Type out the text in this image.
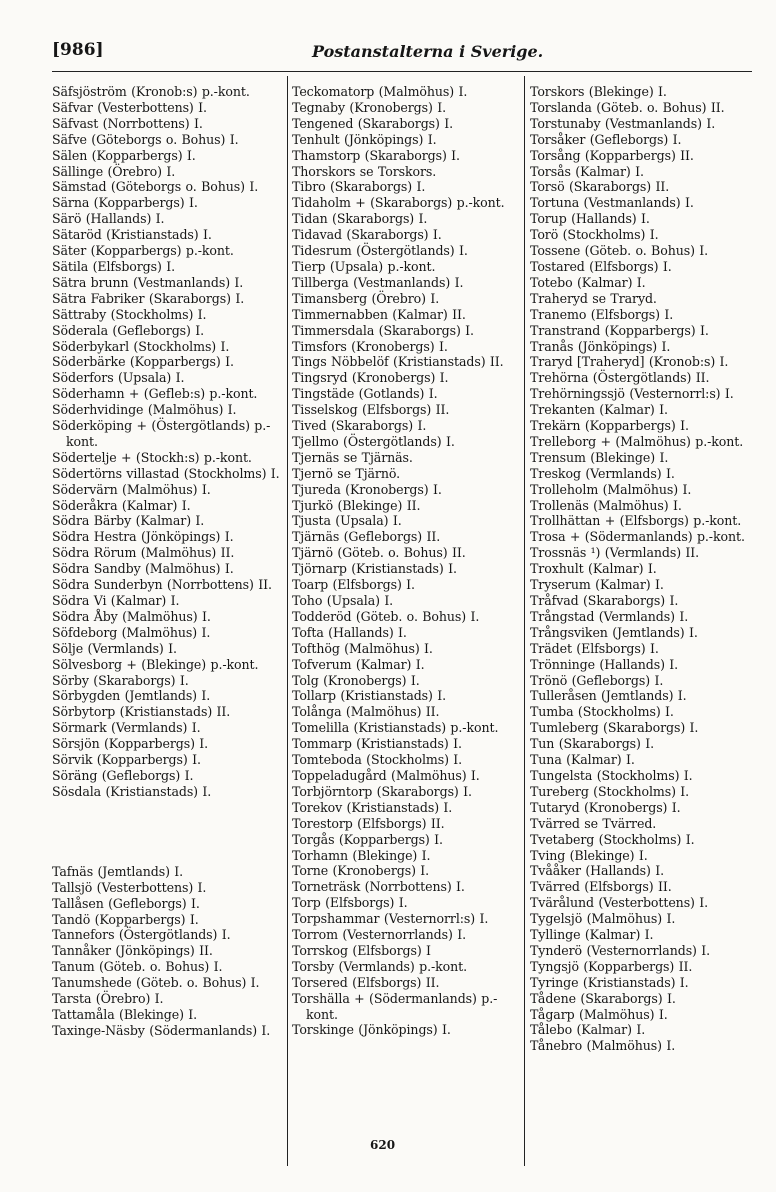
[986]	Postanstalterna i Sverige.
Säfsjöström (Kronob:s) p.-kont.
Säfvar (Vesterbottens) I.
Säfvast (Norrbottens) I.
Säfve (Göteborgs o. Bohus) I.
Sälen (Kopparbergs) I.
Sällinge (Örebro) I.
Sämstad (Göteborgs o. Bohus) I.
Särna (Kopparbergs) I.
Särö (Hallands) I.
Sätaröd (Kristianstads) I.
Säter (Kopparbergs) p.-kont.
Sätila (Elfsborgs) I.
Sätra brunn (Vestmanlands) I.
Sätra Fabriker (Skaraborgs) I.
Sättraby (Stockholms) I.
Söderala (Gefleborgs) I.
Söderbykarl (Stockholms) I.
Söderbärke (Kopparbergs) I.
Söderfors (Upsala) I.
Söderhamn + (Gefleb:s) p.-kont.
Söderhvidinge (Malmöhus) I.
Söderköping + (Östergötlands) p.-kont.
Södertelje + (Stockh:s) p.-kont.
Södertörns villastad (Stockholms) I.
Södervärn (Malmöhus) I.
Söderåkra (Kalmar) I.
Södra Bärby (Kalmar) I.
Södra Hestra (Jönköpings) I.
Södra Rörum (Malmöhus) II.
Södra Sandby (Malmöhus) I.
Södra Sunderbyn (Norrbottens) II.
Södra Vi (Kalmar) I.
Södra Åby (Malmöhus) I.
Söfdeborg (Malmöhus) I.
Sölje (Vermlands) I.
Sölvesborg + (Blekinge) p.-kont.
Sörby (Skaraborgs) I.
Sörbygden (Jemtlands) I.
Sörbytorp (Kristianstads) II.
Sörmark (Vermlands) I.
Sörsjön (Kopparbergs) I.
Sörvik (Kopparbergs) I.
Söräng (Gefleborgs) I.
Sösdala (Kristianstads) I.
Tafnäs (Jemtlands) I.
Tallsjö (Vesterbottens) I.
Tallåsen (Gefleborgs) I.
Tandö (Kopparbergs) I.
Tannefors (Östergötlands) I.
Tannåker (Jönköpings) II.
Tanum (Göteb. o. Bohus) I.
Tanumshede (Göteb. o. Bohus) I.
Tarsta (Örebro) I.
Tattamåla (Blekinge) I.
Taxinge-Näsby (Södermanlands) I.
Teckomatorp (Malmöhus) I.
Tegnaby (Kronobergs) I.
Tengened (Skaraborgs) I.
Tenhult (Jönköpings) I.
Thamstorp (Skaraborgs) I.
Thorskors se Torskors.
Tibro (Skaraborgs) I.
Tidaholm + (Skaraborgs) p.-kont.
Tidan (Skaraborgs) I.
Tidavad (Skaraborgs) I.
Tidesrum (Östergötlands) I.
Tierp (Upsala) p.-kont.
Tillberga (Vestmanlands) I.
Timansberg (Örebro) I.
Timmernabben (Kalmar) II.
Timmersdala (Skaraborgs) I.
Timsfors (Kronobergs) I.
Tings Nöbbelöf (Kristianstads) II.
Tingsryd (Kronobergs) I.
Tingstäde (Gotlands) I.
Tisselskog (Elfsborgs) II.
Tived (Skaraborgs) I.
Tjellmo (Östergötlands) I.
Tjernäs se Tjärnäs.
Tjernö se Tjärnö.
Tjureda (Kronobergs) I.
Tjurkö (Blekinge) II.
Tjusta (Upsala) I.
Tjärnäs (Gefleborgs) II.
Tjärnö (Göteb. o. Bohus) II.
Tjörnarp (Kristianstads) I.
Toarp (Elfsborgs) I.
Toho (Upsala) I.
Todderöd (Göteb. o. Bohus) I.
Tofta (Hallands) I.
Tofthög (Malmöhus) I.
Tofverum (Kalmar) I.
Tolg (Kronobergs) I.
Tollarp (Kristianstads) I.
Tolånga (Malmöhus) II.
Tomelilla (Kristianstads) p.-kont.
Tommarp (Kristianstads) I.
Tomteboda (Stockholms) I.
Toppeladugård (Malmöhus) I.
Torbjörntorp (Skaraborgs) I.
Torekov (Kristianstads) I.
Torestorp (Elfsborgs) II.
Torgås (Kopparbergs) I.
Torhamn (Blekinge) I.
Torne (Kronobergs) I.
Torneträsk (Norrbottens) I.
Torp (Elfsborgs) I.
Torpshammar (Vesternorrl:s) I.
Torrom (Vesternorrlands) I.
Torrskog (Elfsborgs) I
Torsby (Vermlands) p.-kont.
Torsered (Elfsborgs) II.
Torshälla + (Södermanlands) p.-kont.
Torskinge (Jönköpings) I.
Torskors (Blekinge) I.
Torslanda (Göteb. o. Bohus) II.
Torstunaby (Vestmanlands) I.
Torsåker (Gefleborgs) I.
Torsång (Kopparbergs) II.
Torsås (Kalmar) I.
Torsö (Skaraborgs) II.
Tortuna (Vestmanlands) I.
Torup (Hallands) I.
Torö (Stockholms) I.
Tossene (Göteb. o. Bohus) I.
Tostared (Elfsborgs) I.
Totebo (Kalmar) I.
Traheryd se Traryd.
Tranemo (Elfsborgs) I.
Transtrand (Kopparbergs) I.
Tranås (Jönköpings) I.
Traryd [Traheryd] (Kronob:s) I.
Trehörna (Östergötlands) II.
Trehörningssjö (Vesternorrl:s) I.
Trekanten (Kalmar) I.
Trekärn (Kopparbergs) I.
Trelleborg + (Malmöhus) p.-kont.
Trensum (Blekinge) I.
Treskog (Vermlands) I.
Trolleholm (Malmöhus) I.
Trollenäs (Malmöhus) I.
Trollhättan + (Elfsborgs) p.-kont.
Trosa + (Södermanlands) p.-kont.
Trossnäs ¹) (Vermlands) II.
Troxhult (Kalmar) I.
Tryserum (Kalmar) I.
Tråfvad (Skaraborgs) I.
Trångstad (Vermlands) I.
Trångsviken (Jemtlands) I.
Trädet (Elfsborgs) I.
Trönninge (Hallands) I.
Trönö (Gefleborgs) I.
Tulleråsen (Jemtlands) I.
Tumba (Stockholms) I.
Tumleberg (Skaraborgs) I.
Tun (Skaraborgs) I.
Tuna (Kalmar) I.
Tungelsta (Stockholms) I.
Tureberg (Stockholms) I.
Tutaryd (Kronobergs) I.
Tvärred se Tvärred.
Tvetaberg (Stockholms) I.
Tving (Blekinge) I.
Tvååker (Hallands) I.
Tvärred (Elfsborgs) II.
Tvärålund (Vesterbottens) I.
Tygelsjö (Malmöhus) I.
Tyllinge (Kalmar) I.
Tynderö (Vesternorrlands) I.
Tyngsjö (Kopparbergs) II.
Tyringe (Kristianstads) I.
Tådene (Skaraborgs) I.
Tågarp (Malmöhus) I.
Tålebo (Kalmar) I.
Tånebro (Malmöhus) I.
620
